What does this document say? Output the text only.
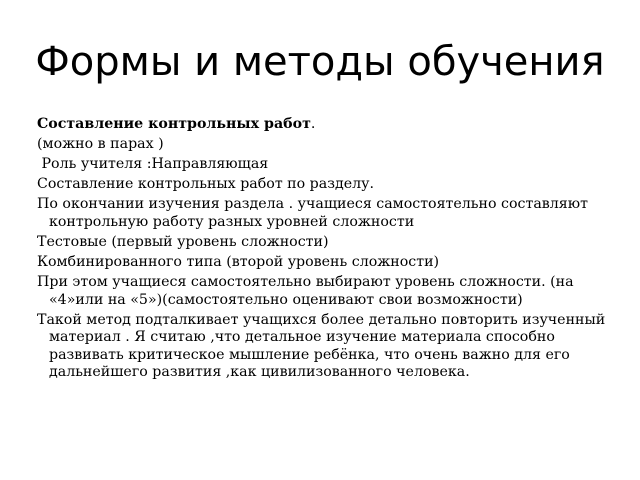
Формы и методы обучения

Составление контрольных работ.

(можно в парах )

Роль учителя :Направляющая

Составление контрольных работ по разделу.

По окончании изучения раздела . учащиеся самостоятельно составляют контрольную работу разных уровней сложности

Тестовые (первый уровень сложности)

Комбинированного типа (второй уровень сложности)

При этом учащиеся самостоятельно выбирают уровень сложности. (на «4»или на «5»)(самостоятельно оценивают свои возможности)

Такой метод подталкивает учащихся более детально повторить изученный материал . Я считаю ,что детальное изучение материала способно развивать критическое мышление ребёнка, что очень важно для его дальнейшего развития ,как цивилизованного человека.
